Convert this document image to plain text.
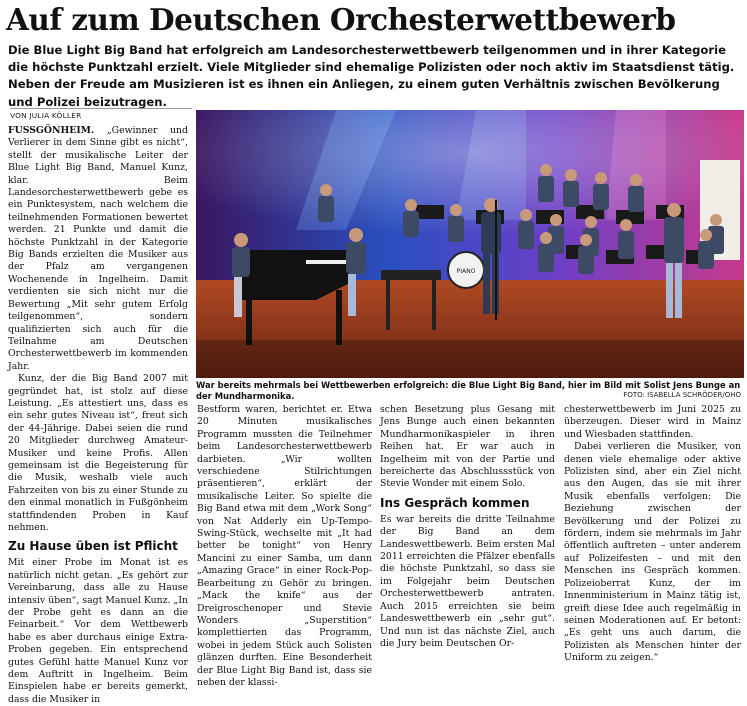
Auf zum Deutschen Orchesterwettbewerb

Die Blue Light Big Band hat erfolgreich am Landesorchesterwettbewerb teilgenommen und in ihrer Kategorie die höchste Punktzahl erzielt. Viele Mitglieder sind ehemalige Polizisten oder noch aktiv im Staatsdienst tätig. Neben der Freude am Musizieren ist es ihnen ein Anliegen, zu einem guten Verhältnis zwischen Bevölkerung und Polizei beizutragen.

VON JULIA KÖLLER

FUSSGÖNHEIM. „Gewinner und Verlierer in dem Sinne gibt es nicht“, stellt der musikalische Leiter der Blue Light Big Band, Manuel Kunz, klar. Beim Landesorchesterwettbewerb gebe es ein Punktesystem, nach welchem die teilnehmenden Formationen bewertet werden. 21 Punkte und damit die höchste Punktzahl in der Kategorie Big Bands erzielten die Musiker aus der Pfalz am vergangenen Wochenende in Ingelheim. Damit verdienten sie sich nicht nur die Bewertung „Mit sehr gutem Erfolg teilgenommen“, sondern qualifizierten sich auch für die Teilnahme am Deutschen Orchesterwettbewerb im kommenden Jahr.

Kunz, der die Big Band 2007 mit gegründet hat, ist stolz auf diese Leistung. „Es attestiert uns, dass es ein sehr gutes Niveau ist“, freut sich der 44-Jährige. Dabei seien die rund 20 Mitglieder durchweg Amateur-Musiker und keine Profis. Allen gemeinsam ist die Begeisterung für die Musik, weshalb viele auch Fahrzeiten von bis zu einer Stunde zu den einmal monatlich in Fußgönheim stattfindenden Proben in Kauf nehmen.

Zu Hause üben ist Pflicht

Mit einer Probe im Monat ist es natürlich nicht getan. „Es gehört zur Vereinbarung, dass alle zu Hause intensiv üben“, sagt Manuel Kunz. „In der Probe geht es dann an die Feinarbeit.“ Vor dem Wettbewerb habe es aber durchaus einige Extra-Proben gegeben. Ein entsprechend gutes Gefühl hatte Manuel Kunz vor dem Auftritt in Ingelheim. Beim Einspielen habe er bereits gemerkt, dass die Musiker in

PIANO
War bereits mehrmals bei Wettbewerben erfolgreich: die Blue Light Big Band, hier im Bild mit Solist Jens Bunge an der Mundharmonika.	FOTO: ISABELLA SCHRÖDER/OHO

Bestform waren, berichtet er. Etwa 20 Minuten musikalisches Programm mussten die Teilnehmer beim Landesorchesterwettbewerb darbieten. „Wir wollten verschiedene Stilrichtungen präsentieren“, erklärt der musikalische Leiter. So spielte die Big Band etwa mit dem „Work Song“ von Nat Adderly ein Up-Tempo-Swing-Stück, wechselte mit „It had better be tonight“ von Henry Mancini zu einer Samba, um dann „Amazing Grace“ in einer Rock-Pop-Bearbeitung zu Gehör zu bringen. „Mack the knife“ aus der Dreigroschenoper und Stevie Wonders „Superstition“ komplettierten das Programm, wobei in jedem Stück auch Solisten glänzen durften. Eine Besonderheit der Blue Light Big Band ist, dass sie neben der klassi-

schen Besetzung plus Gesang mit Jens Bunge auch einen bekannten Mundharmonikaspieler in ihren Reihen hat. Er war auch in Ingelheim mit von der Partie und bereicherte das Abschlussstück von Stevie Wonder mit einem Solo.

Ins Gespräch kommen

Es war bereits die dritte Teilnahme der Big Band an dem Landeswettbewerb. Beim ersten Mal 2011 erreichten die Pfälzer ebenfalls die höchste Punktzahl, so dass sie im Folgejahr beim Deutschen Orchesterwettbewerb antraten. Auch 2015 erreichten sie beim Landeswettbewerb ein „sehr gut“. Und nun ist das nächste Ziel, auch die Jury beim Deutschen Or-

chesterwettbewerb im Juni 2025 zu überzeugen. Dieser wird in Mainz und Wiesbaden stattfinden.

Dabei verlieren die Musiker, von denen viele ehemalige oder aktive Polizisten sind, aber ein Ziel nicht aus den Augen, das sie mit ihrer Musik ebenfalls verfolgen: Die Beziehung zwischen der Bevölkerung und der Polizei zu fördern, indem sie mehrmals im Jahr öffentlich auftreten – unter anderem auf Polizeifesten – und mit den Menschen ins Gespräch kommen. Polizeioberrat Kunz, der im Innenministerium in Mainz tätig ist, greift diese Idee auch regelmäßig in seinen Moderationen auf. Er betont: „Es geht uns auch darum, die Polizisten als Menschen hinter der Uniform zu zeigen.“
